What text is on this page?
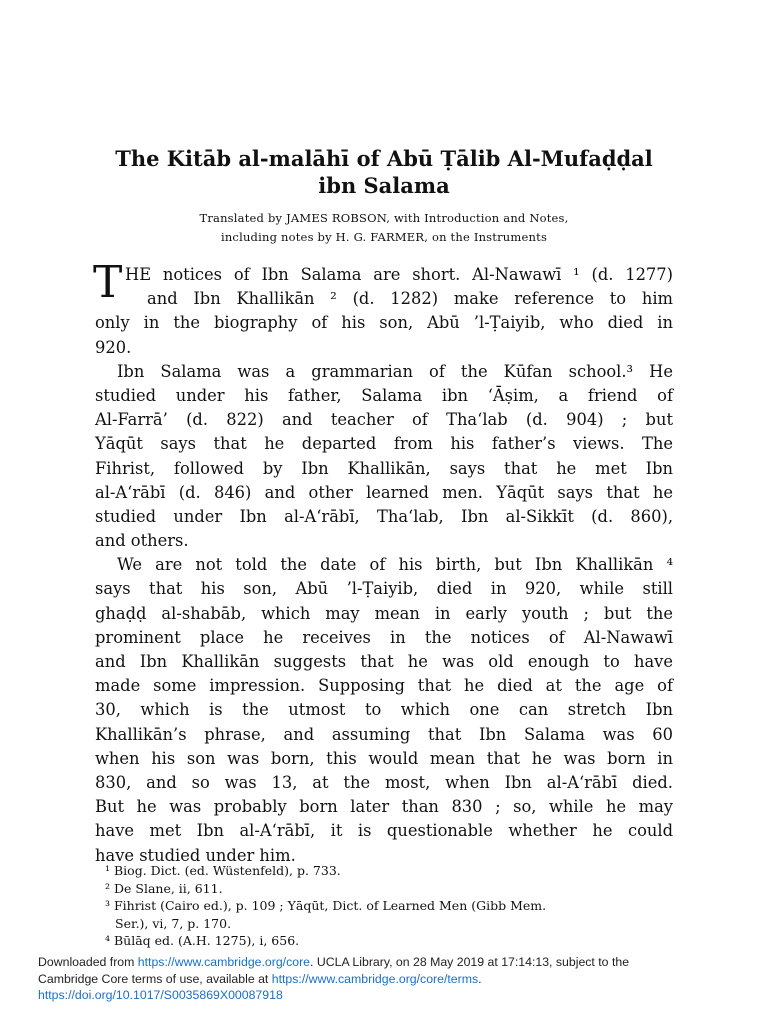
The Kitāb al-malāhī of Abū Ṭālib Al-Mufaḍḍal
ibn Salama
Translated by JAMES ROBSON, with Introduction and Notes,
including notes by H. G. FARMER, on the Instruments
T HE notices of Ibn Salama are short. Al-Nawawī ¹ (d. 1277)
and Ibn Khallikān ² (d. 1282) make reference to him
only in the biography of his son, Abū ’l-Ṭaiyib, who died in
920.
Ibn Salama was a grammarian of the Kūfan school.³ He
studied under his father, Salama ibn ‘Āṣim, a friend of
Al-Farrā’ (d. 822) and teacher of Tha‘lab (d. 904) ; but
Yāqūt says that he departed from his father’s views. The
Fihrist, followed by Ibn Khallikān, says that he met Ibn
al-A‘rābī (d. 846) and other learned men. Yāqūt says that he
studied under Ibn al-A‘rābī, Tha‘lab, Ibn al-Sikkīt (d. 860),
and others.
We are not told the date of his birth, but Ibn Khallikān ⁴
says that his son, Abū ’l-Ṭaiyib, died in 920, while still
ghaḍḍ al-shabāb, which may mean in early youth ; but the
prominent place he receives in the notices of Al-Nawawī
and Ibn Khallikān suggests that he was old enough to have
made some impression. Supposing that he died at the age of
30, which is the utmost to which one can stretch Ibn
Khallikān’s phrase, and assuming that Ibn Salama was 60
when his son was born, this would mean that he was born in
830, and so was 13, at the most, when Ibn al-A‘rābī died.
But he was probably born later than 830 ; so, while he may
have met Ibn al-A‘rābī, it is questionable whether he could
have studied under him.
¹ Biog. Dict. (ed. Wüstenfeld), p. 733.
² De Slane, ii, 611.
³ Fihrist (Cairo ed.), p. 109 ; Yāqūt, Dict. of Learned Men (Gibb Mem.
Ser.), vi, 7, p. 170.
⁴ Būlāq ed. (A.H. 1275), i, 656.
Downloaded from https://www.cambridge.org/core. UCLA Library, on 28 May 2019 at 17:14:13, subject to the
Cambridge Core terms of use, available at https://www.cambridge.org/core/terms.
https://doi.org/10.1017/S0035869X00087918
